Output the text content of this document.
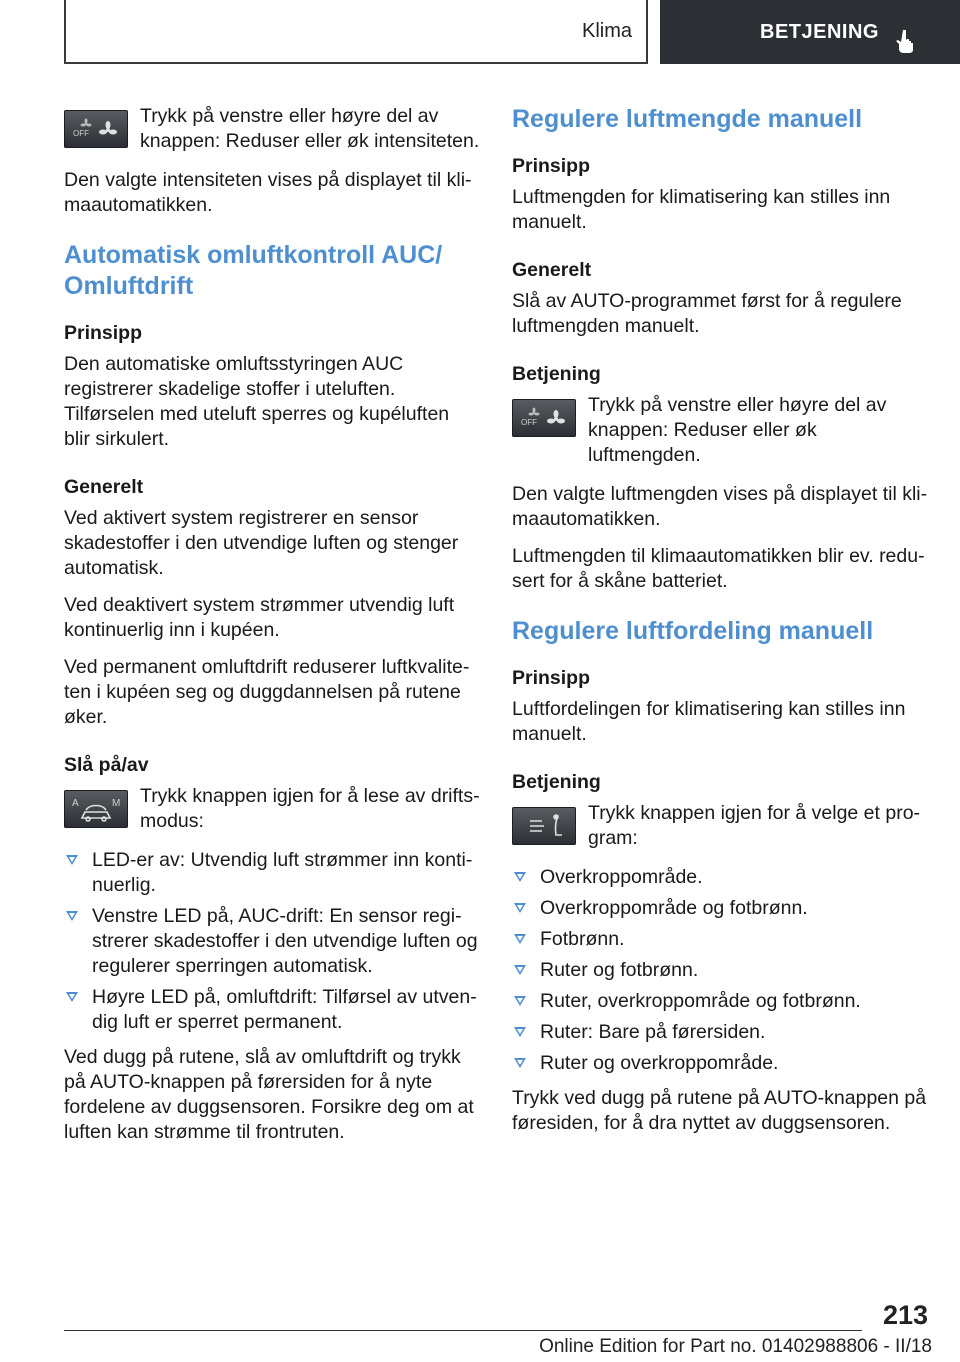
Klima	BETJENING
OFF
Trykk på venstre eller høyre del av knappen: Reduser eller øk intensiteten.

Den valgte intensiteten vises på displayet til klimaautomatikken.

Automatisk omluftkontroll AUC/ Omluftdrift
Prinsipp

Den automatiske omluftsstyringen AUC registrerer skadelige stoffer i uteluften. Tilførselen med uteluft sperres og kupéluften blir sirkulert.

Generelt

Ved aktivert system registrerer en sensor skadestoffer i den utvendige luften og stenger automatisk.

Ved deaktivert system strømmer utvendig luft kontinuerlig inn i kupéen.

Ved permanent omluftdrift reduserer luftkvaliteten i kupéen seg og duggdannelsen på rutene øker.

Slå på/av
A	M Trykk knappen igjen for å lese av driftsmodus:
LED-er av: Utvendig luft strømmer inn kontinuerlig.
Venstre LED på, AUC-drift: En sensor registrerer skadestoffer i den utvendige luften og regulerer sperringen automatisk.
Høyre LED på, omluftdrift: Tilførsel av utvendig luft er sperret permanent.

Ved dugg på rutene, slå av omluftdrift og trykk på AUTO-knappen på førersiden for å nyte fordelene av duggsensoren. Forsikre deg om at luften kan strømme til frontruten.

Regulere luftmengde manuell
Prinsipp

Luftmengden for klimatisering kan stilles inn manuelt.

Generelt

Slå av AUTO-programmet først for å regulere luftmengden manuelt.

Betjening
OFF
Trykk på venstre eller høyre del av knappen: Reduser eller øk luftmengden.

Den valgte luftmengden vises på displayet til klimaautomatikken.

Luftmengden til klimaautomatikken blir ev. redusert for å skåne batteriet.

Regulere luftfordeling manuell
Prinsipp

Luftfordelingen for klimatisering kan stilles inn manuelt.

Betjening
Trykk knappen igjen for å velge et program:
Overkroppområde.
Overkroppområde og fotbrønn.
Fotbrønn.
Ruter og fotbrønn.
Ruter, overkroppområde og fotbrønn.
Ruter: Bare på førersiden.
Ruter og overkroppområde.

Trykk ved dugg på rutene på AUTO-knappen på føresiden, for å dra nyttet av duggsensoren.

213
Online Edition for Part no. 01402988806 - II/18
